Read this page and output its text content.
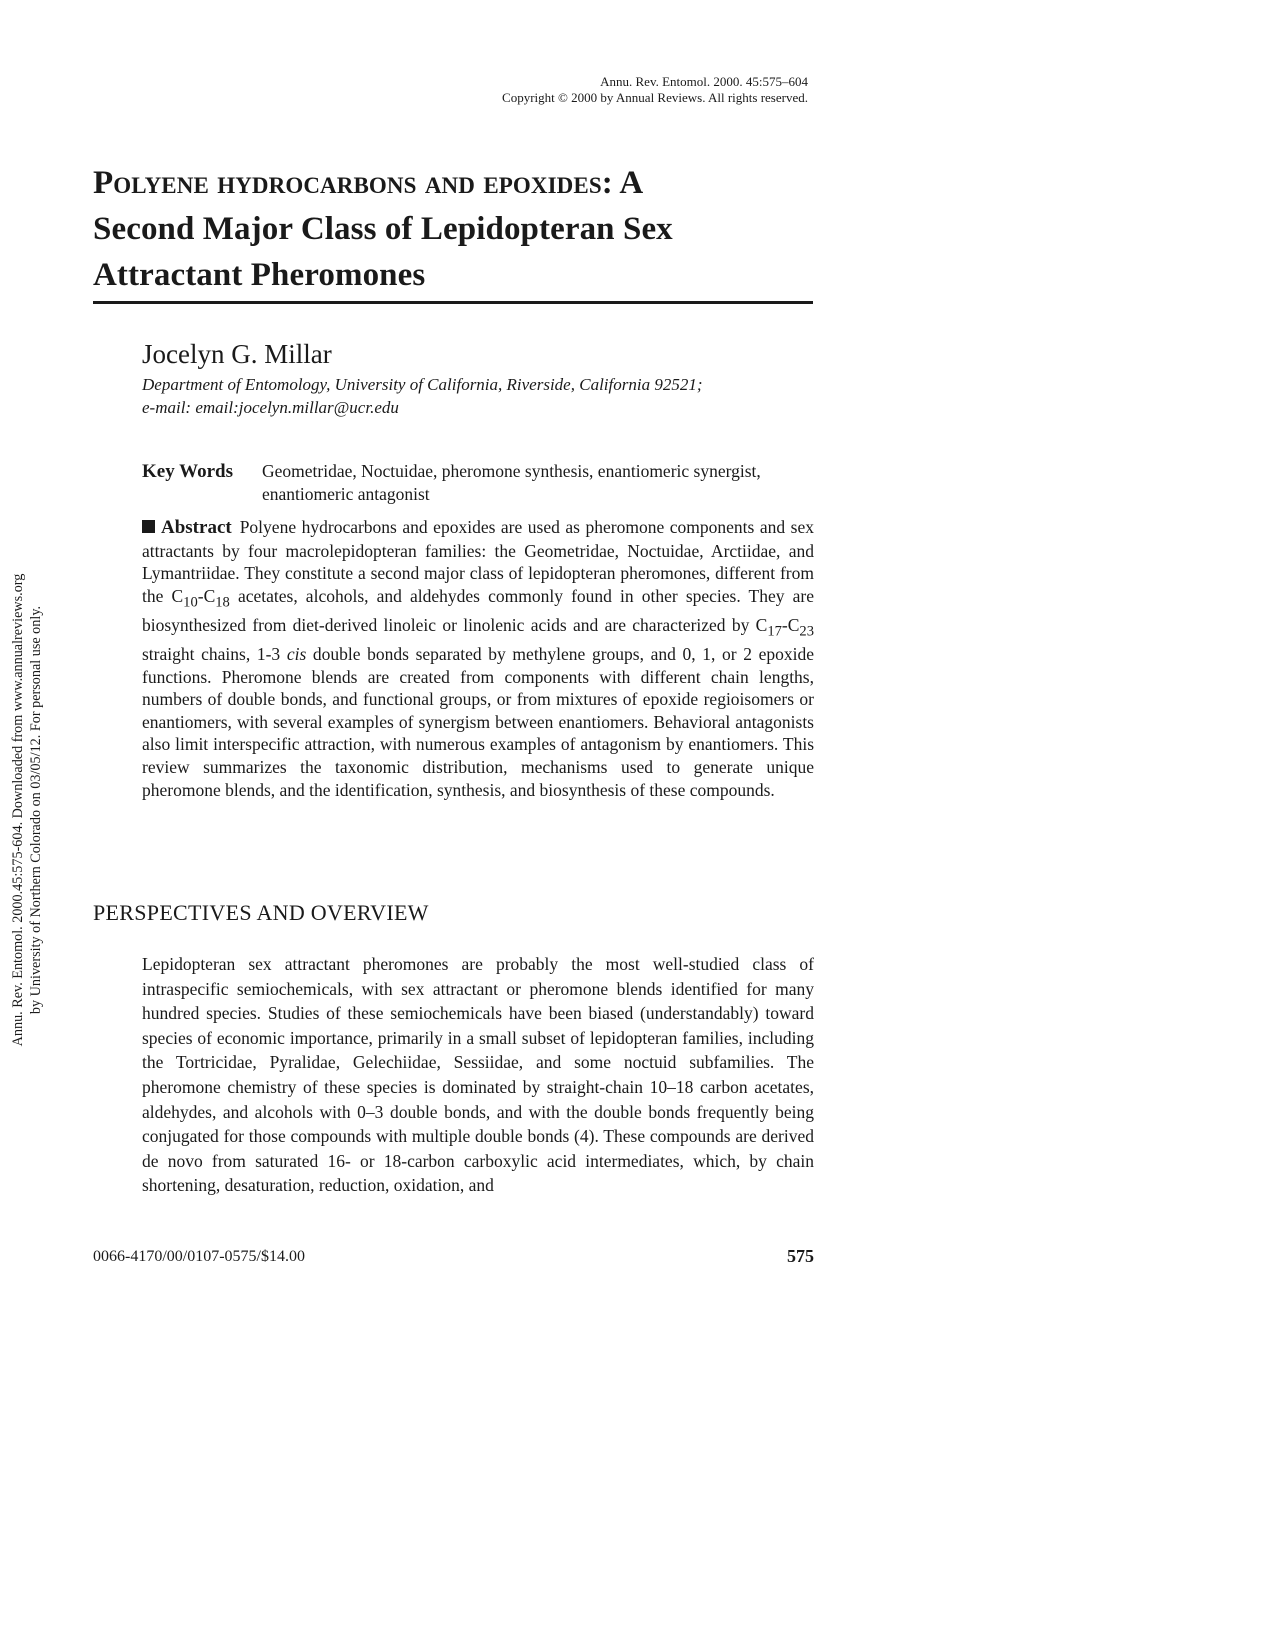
Annu. Rev. Entomol. 2000. 45:575–604
Copyright © 2000 by Annual Reviews. All rights reserved.
Polyene hydrocarbons and epoxides: A
Second Major Class of Lepidopteran Sex
Attractant Pheromones
Jocelyn G. Millar
Department of Entomology, University of California, Riverside, California 92521;
e-mail: email:jocelyn.millar@ucr.edu
Key Words Geometridae, Noctuidae, pheromone synthesis, enantiomeric synergist, enantiomeric antagonist
Abstract Polyene hydrocarbons and epoxides are used as pheromone components and sex attractants by four macrolepidopteran families: the Geometridae, Noctuidae, Arctiidae, and Lymantriidae. They constitute a second major class of lepidopteran pheromones, different from the $C_{10}-C_{18}$ acetates, alcohols, and aldehydes commonly found in other species. They are biosynthesized from diet-derived linoleic or linolenic acids and are characterized by $C_{17}-C_{23}$ straight chains, 1-3 cis double bonds separated by methylene groups, and 0, 1, or 2 epoxide functions. Pheromone blends are created from components with different chain lengths, numbers of double bonds, and functional groups, or from mixtures of epoxide regioisomers or enantiomers, with several examples of synergism between enantiomers. Behavioral antagonists also limit interspecific attraction, with numerous examples of antagonism by enantiomers. This review summarizes the taxonomic distribution, mechanisms used to generate unique pheromone blends, and the identification, synthesis, and biosynthesis of these compounds.
PERSPECTIVES AND OVERVIEW

Lepidopteran sex attractant pheromones are probably the most well-studied class of intraspecific semiochemicals, with sex attractant or pheromone blends identified for many hundred species. Studies of these semiochemicals have been biased (understandably) toward species of economic importance, primarily in a small subset of lepidopteran families, including the Tortricidae, Pyralidae, Gelechiidae, Sessiidae, and some noctuid subfamilies. The pheromone chemistry of these species is dominated by straight-chain 10–18 carbon acetates, aldehydes, and alcohols with 0–3 double bonds, and with the double bonds frequently being conjugated for those compounds with multiple double bonds (4). These compounds are derived de novo from saturated 16- or 18-carbon carboxylic acid intermediates, which, by chain shortening, desaturation, reduction, oxidation, and

0066-4170/00/0107-0575/$14.00	575
Annu. Rev. Entomol. 2000.45:575-604. Downloaded from www.annualreviews.org by University of Northern Colorado on 03/05/12. For personal use only.
